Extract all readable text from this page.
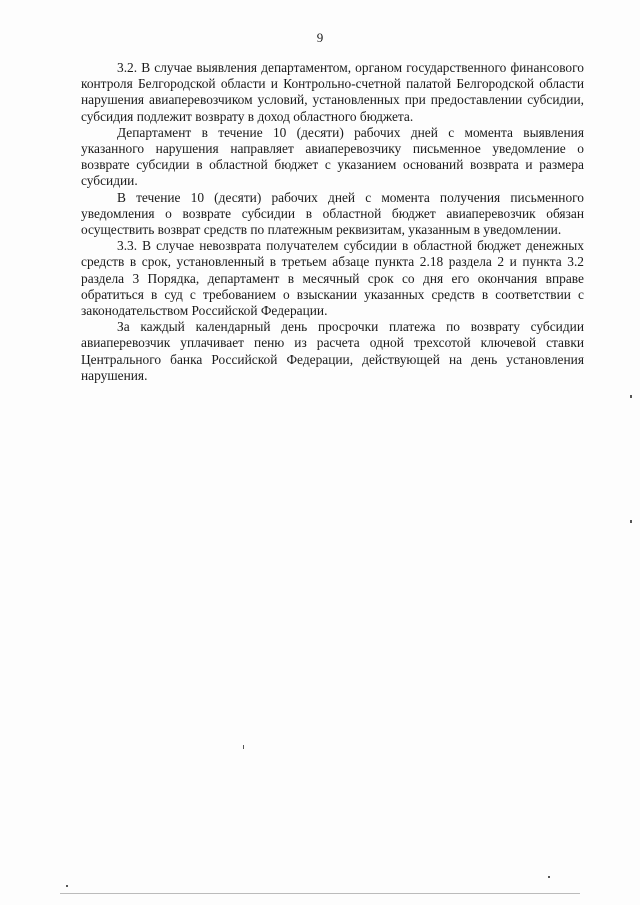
9

3.2. В случае выявления департаментом, органом государственного финансового контроля Белгородской области и Контрольно-счетной палатой Белгородской области нарушения авиаперевозчиком условий, установленных при предоставлении субсидии, субсидия подлежит возврату в доход областного бюджета.

Департамент в течение 10 (десяти) рабочих дней с момента выявления указанного нарушения направляет авиаперевозчику письменное уведомление о возврате субсидии в областной бюджет с указанием оснований возврата и размера субсидии.

В течение 10 (десяти) рабочих дней с момента получения письменного уведомления о возврате субсидии в областной бюджет авиаперевозчик обязан осуществить возврат средств по платежным реквизитам, указанным в уведомлении.

3.3. В случае невозврата получателем субсидии в областной бюджет денежных средств в срок, установленный в третьем абзаце пункта 2.18 раздела 2 и пункта 3.2 раздела 3 Порядка, департамент в месячный срок со дня его окончания вправе обратиться в суд с требованием о взыскании указанных средств в соответствии с законодательством Российской Федерации.

За каждый календарный день просрочки платежа по возврату субсидии авиаперевозчик уплачивает пеню из расчета одной трехсотой ключевой ставки Центрального банка Российской Федерации, действующей на день установления нарушения.
